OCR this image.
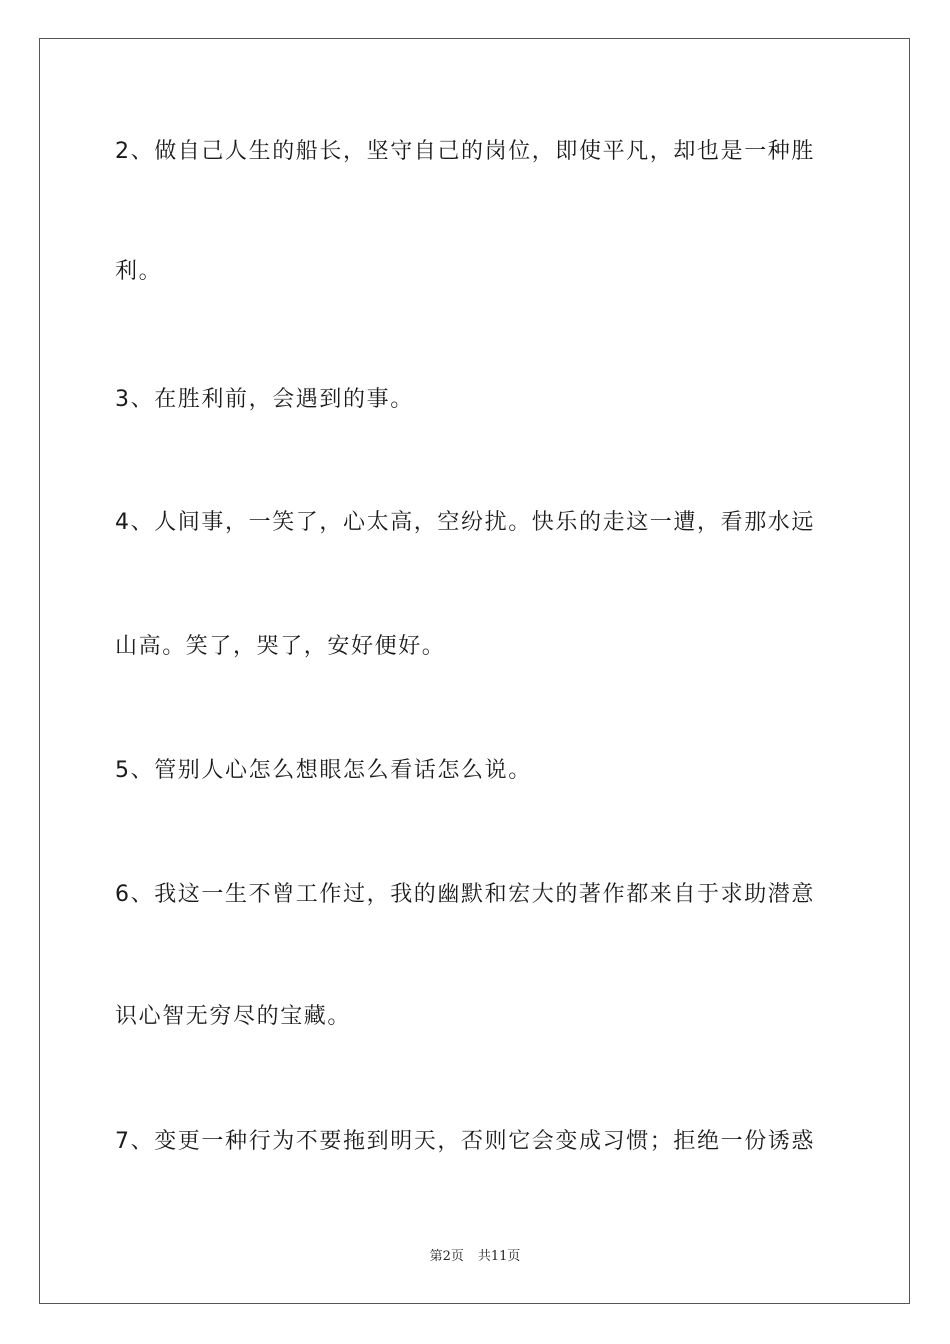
2、做自己人生的船长，坚守自己的岗位，即使平凡，却也是一种胜
利。
3、在胜利前，会遇到的事。
4、人间事，一笑了，心太高，空纷扰。快乐的走这一遭，看那水远
山高。笑了，哭了，安好便好。
5、管别人心怎么想眼怎么看话怎么说。
6、我这一生不曾工作过，我的幽默和宏大的著作都来自于求助潜意
识心智无穷尽的宝藏。
7、变更一种行为不要拖到明天，否则它会变成习惯；拒绝一份诱惑
第2页 共11页
